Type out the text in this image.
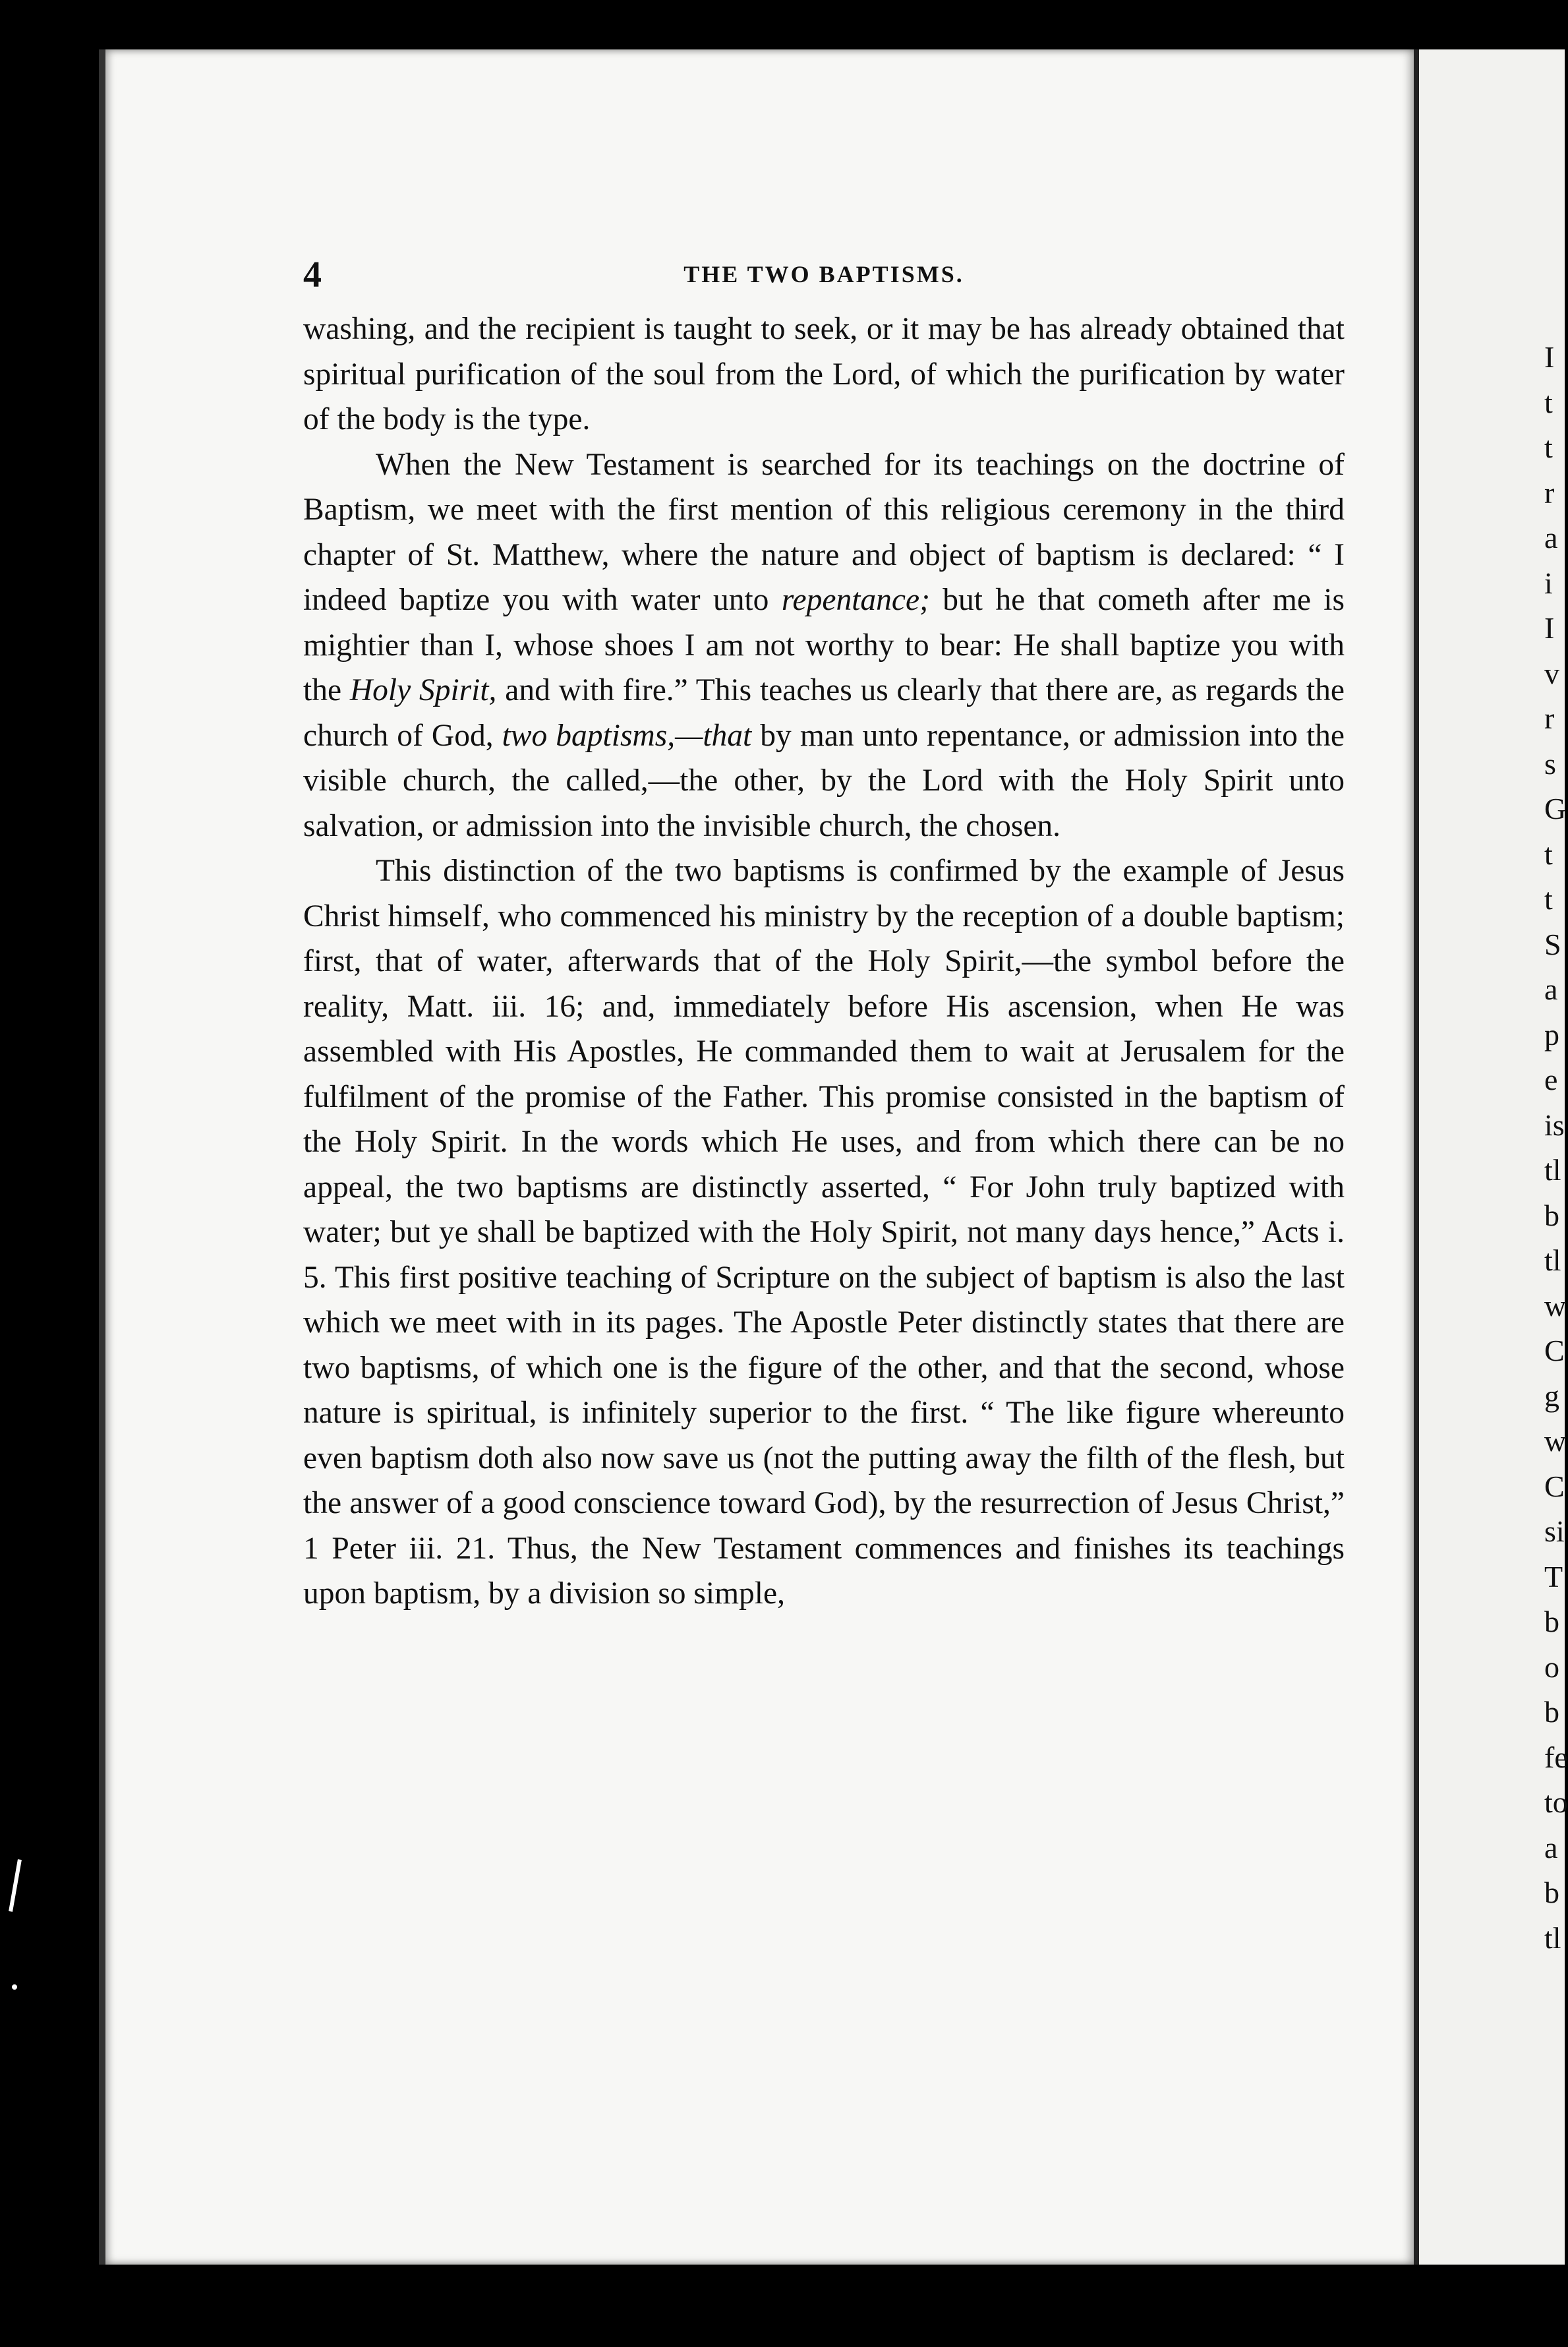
4	THE TWO BAPTISMS.

washing, and the recipient is taught to seek, or it may be has already obtained that spiritual purification of the soul from the Lord, of which the purification by water of the body is the type.

When the New Testament is searched for its teachings on the doctrine of Baptism, we meet with the first mention of this religious ceremony in the third chapter of St. Matthew, where the nature and object of baptism is declared: “ I indeed baptize you with water unto repentance; but he that cometh after me is mightier than I, whose shoes I am not worthy to bear: He shall baptize you with the Holy Spirit, and with fire.” This teaches us clearly that there are, as regards the church of God, two baptisms,—that by man unto repentance, or admission into the visible church, the called,—the other, by the Lord with the Holy Spirit unto salvation, or admission into the invisible church, the chosen.

This distinction of the two baptisms is confirmed by the example of Jesus Christ himself, who commenced his ministry by the reception of a double baptism; first, that of water, afterwards that of the Holy Spirit,—the symbol before the reality, Matt. iii. 16; and, immediately before His ascension, when He was assembled with His Apostles, He commanded them to wait at Jerusalem for the fulfilment of the promise of the Father. This promise consisted in the baptism of the Holy Spirit. In the words which He uses, and from which there can be no appeal, the two baptisms are distinctly asserted, “ For John truly baptized with water; but ye shall be baptized with the Holy Spirit, not many days hence,” Acts i. 5. This first positive teaching of Scripture on the subject of baptism is also the last which we meet with in its pages. The Apostle Peter distinctly states that there are two baptisms, of which one is the figure of the other, and that the second, whose nature is spiritual, is infinitely superior to the first. “ The like figure whereunto even baptism doth also now save us (not the putting away the filth of the flesh, but the answer of a good conscience toward God), by the resurrection of Jesus Christ,” 1 Peter iii. 21. Thus, the New Testament commences and finishes its teachings upon baptism, by a division so simple,

I
t
t
r
a
i
I
v
r
s
G
t
t
S
a
p
e
is
tl
b
tl
w
C
g
w
C
si
T
b
o
b
fe
to
a
b
tl
